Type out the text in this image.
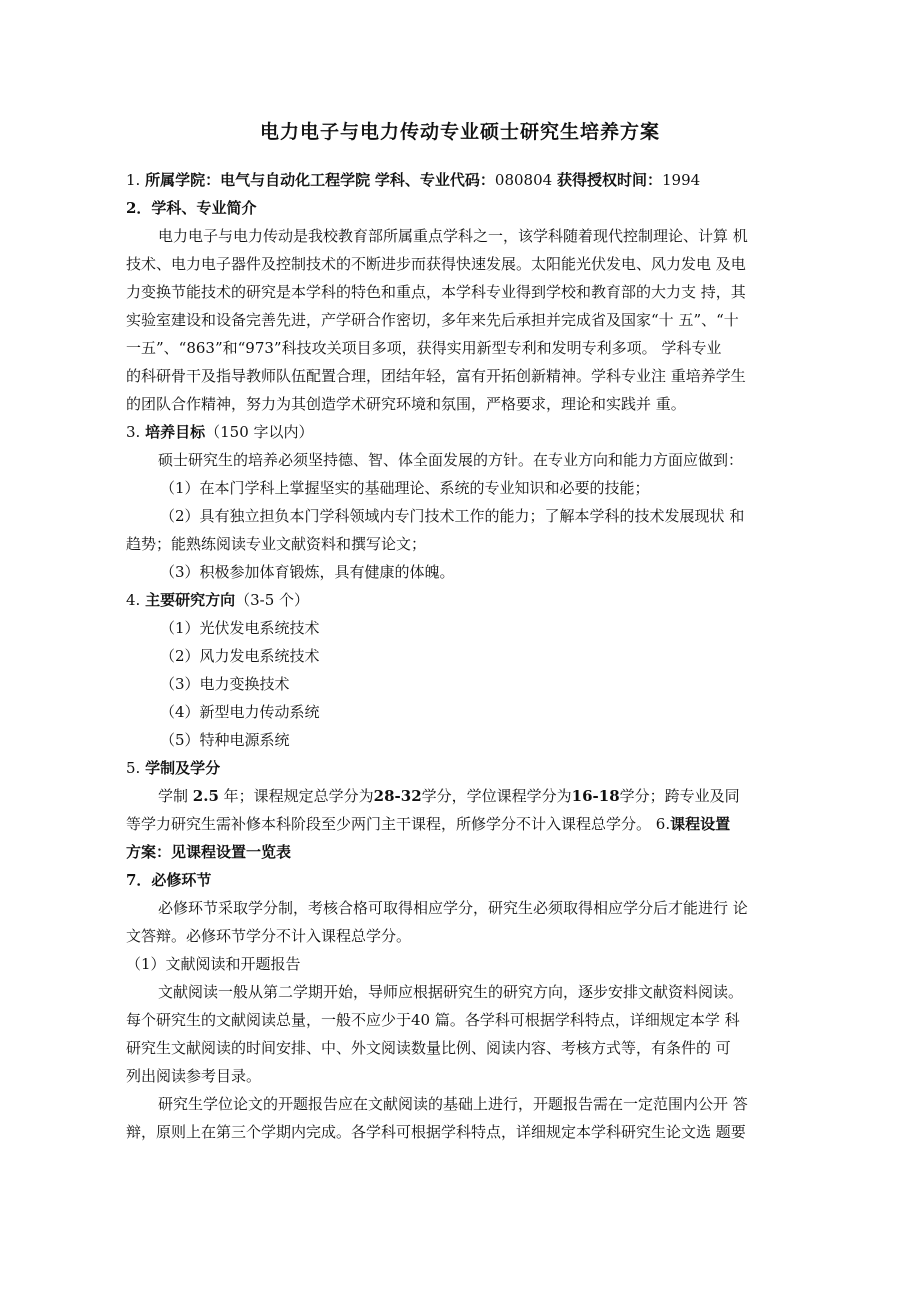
电力电子与电力传动专业硕士研究生培养方案
1. 所属学院：电气与自动化工程学院 学科、专业代码：080804 获得授权时间：1994
2．学科、专业简介
电力电子与电力传动是我校教育部所属重点学科之一，该学科随着现代控制理论、计算 机
技术、电力电子器件及控制技术的不断进步而获得快速发展。太阳能光伏发电、风力发电 及电
力变换节能技术的研究是本学科的特色和重点，本学科专业得到学校和教育部的大力支 持，其
实验室建设和设备完善先进，产学研合作密切，多年来先后承担并完成省及国家“十 五”、“十
一五”、“863”和“973”科技攻关项目多项，获得实用新型专利和发明专利多项。 学科专业
的科研骨干及指导教师队伍配置合理，团结年轻，富有开拓创新精神。学科专业注 重培养学生
的团队合作精神，努力为其创造学术研究环境和氛围，严格要求，理论和实践并 重。
3. 培养目标（150 字以内）
硕士研究生的培养必须坚持德、智、体全面发展的方针。在专业方向和能力方面应做到：
（1）在本门学科上掌握坚实的基础理论、系统的专业知识和必要的技能；
（2）具有独立担负本门学科领域内专门技术工作的能力；了解本学科的技术发展现状 和
趋势；能熟练阅读专业文献资料和撰写论文；
（3）积极参加体育锻炼，具有健康的体魄。
4. 主要研究方向（3-5 个）
（1）光伏发电系统技术
（2）风力发电系统技术
（3）电力变换技术
（4）新型电力传动系统
（5）特种电源系统
5. 学制及学分
学制 2.5 年；课程规定总学分为28-32学分，学位课程学分为16-18学分；跨专业及同
等学力研究生需补修本科阶段至少两门主干课程，所修学分不计入课程总学分。 6.课程设置
方案：见课程设置一览表
7．必修环节
必修环节采取学分制，考核合格可取得相应学分，研究生必须取得相应学分后才能进行 论
文答辩。必修环节学分不计入课程总学分。
（1）文献阅读和开题报告
文献阅读一般从第二学期开始，导师应根据研究生的研究方向，逐步安排文献资料阅读。
每个研究生的文献阅读总量，一般不应少于40 篇。各学科可根据学科特点，详细规定本学 科
研究生文献阅读的时间安排、中、外文阅读数量比例、阅读内容、考核方式等，有条件的 可
列出阅读参考目录。
研究生学位论文的开题报告应在文献阅读的基础上进行，开题报告需在一定范围内公开 答
辩，原则上在第三个学期内完成。各学科可根据学科特点，详细规定本学科研究生论文选 题要
